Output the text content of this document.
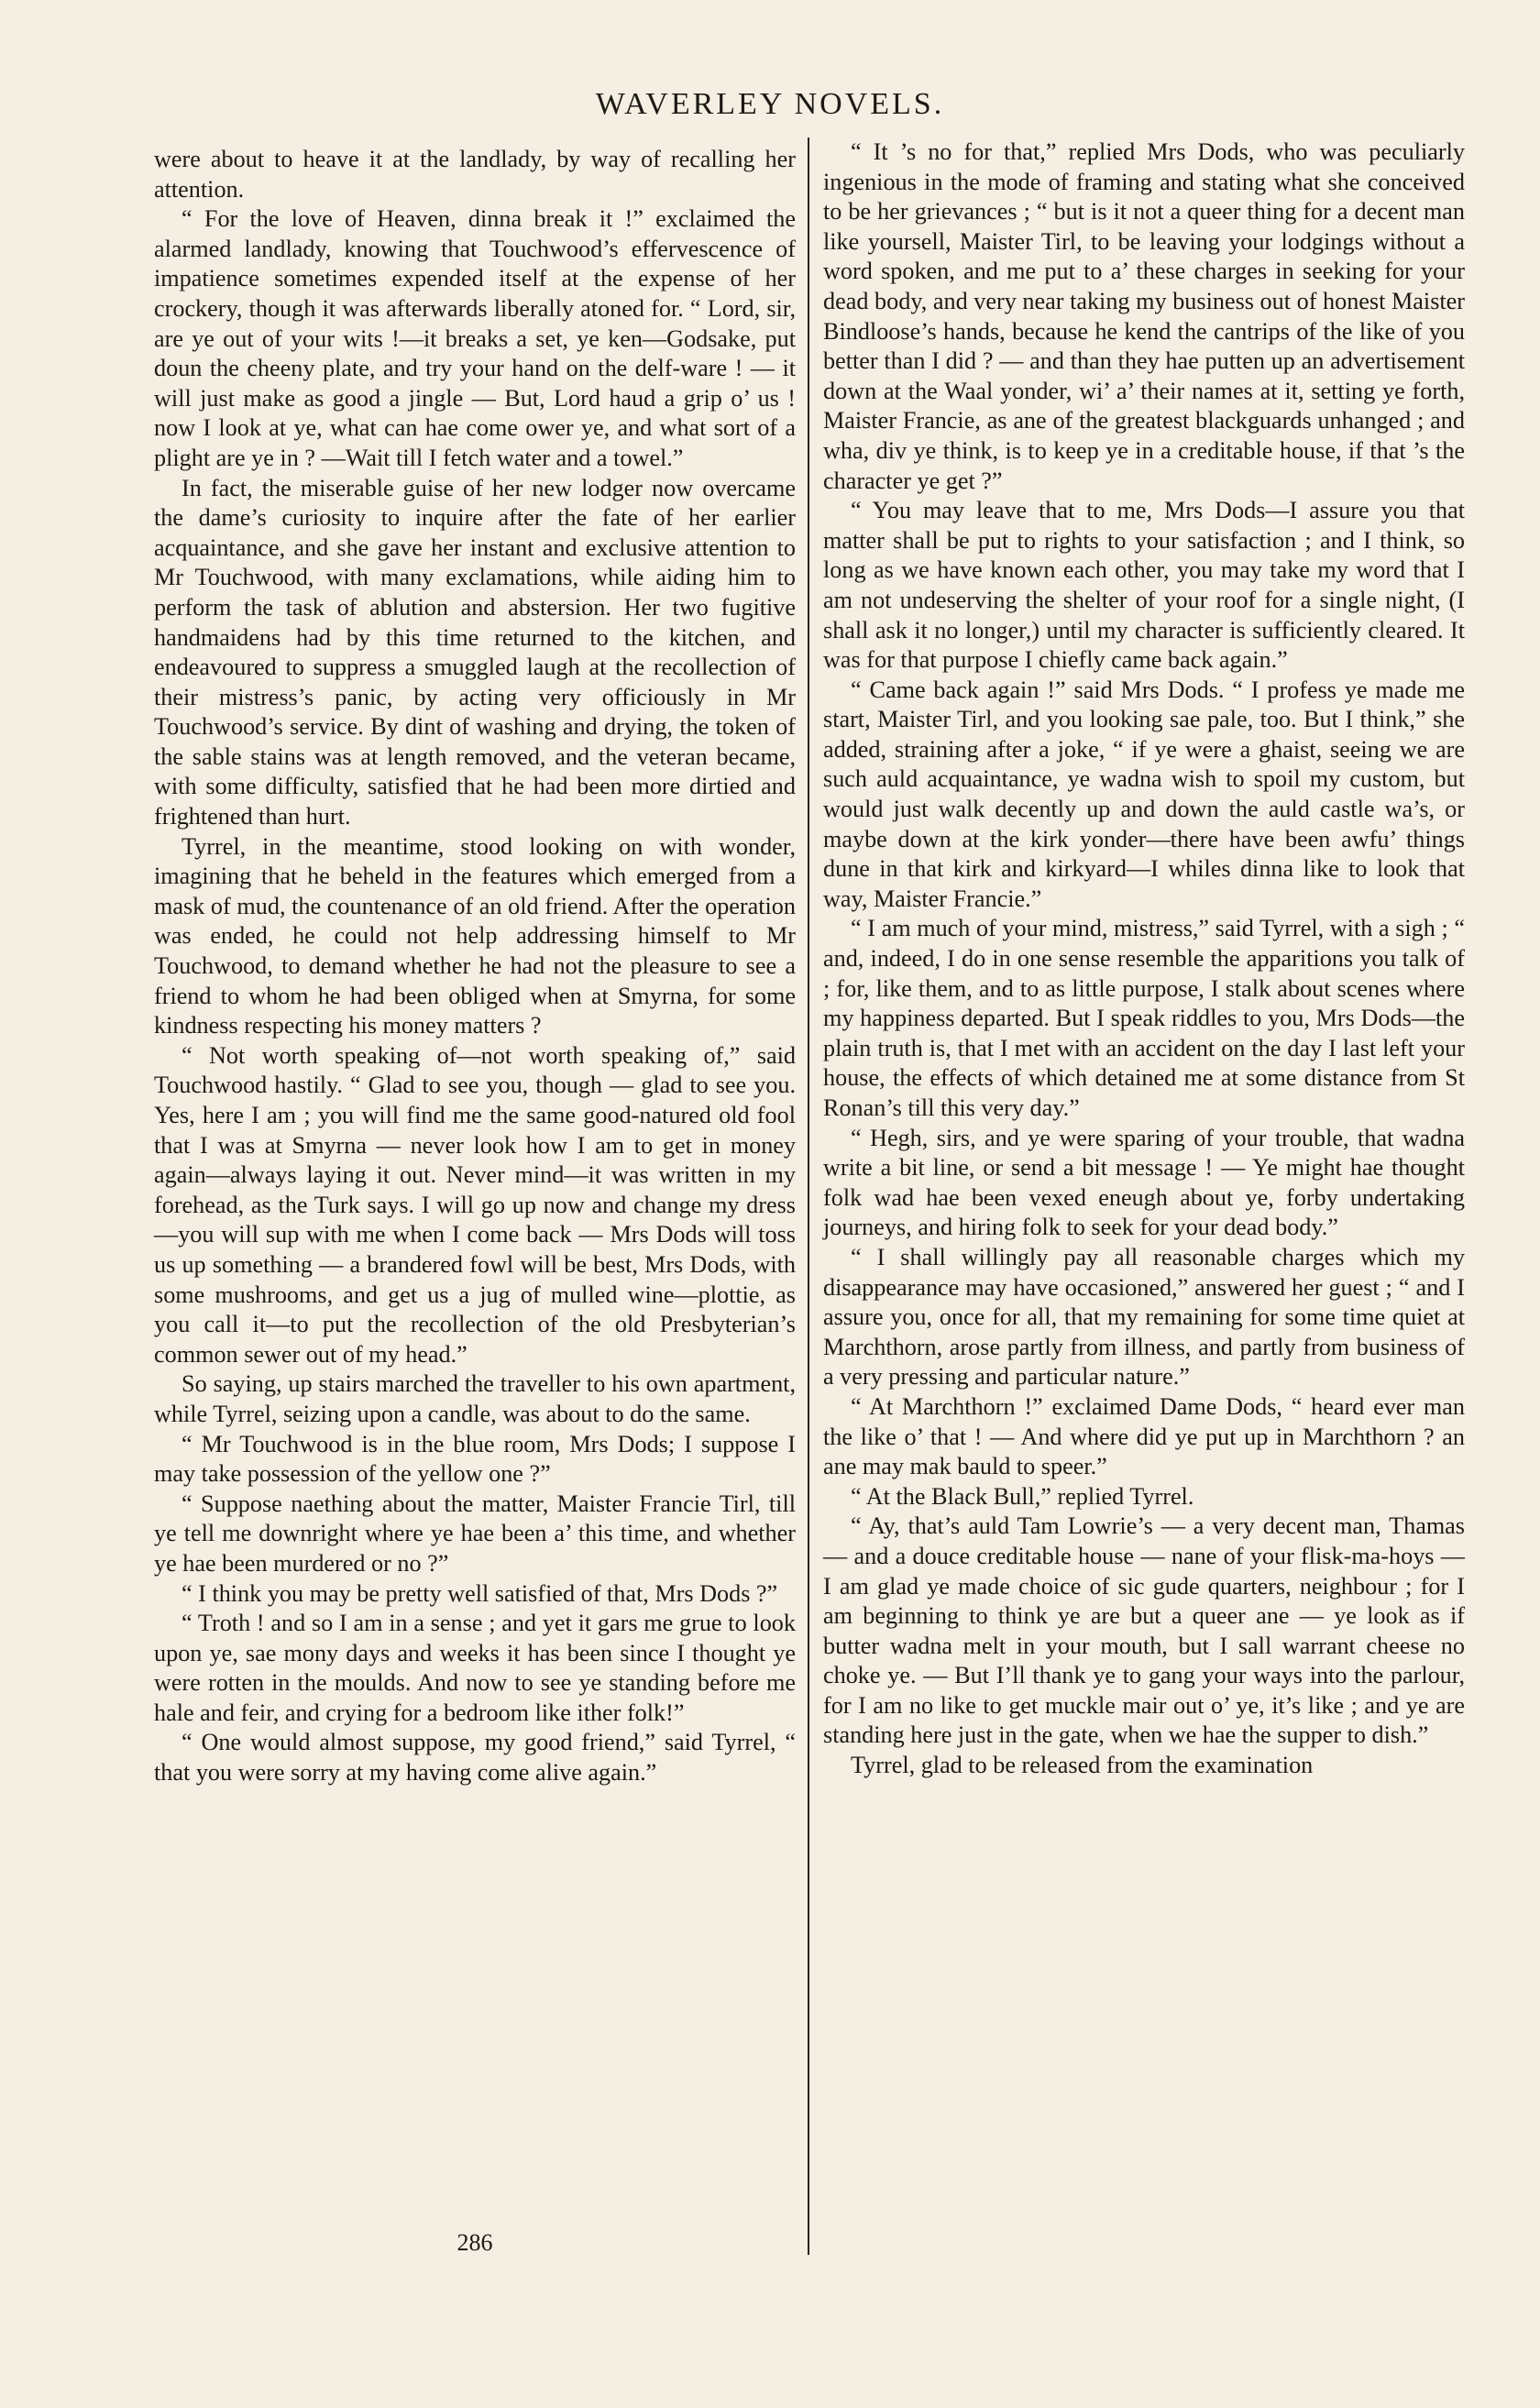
WAVERLEY NOVELS.

were about to heave it at the landlady, by way of recalling her attention.

“ For the love of Heaven, dinna break it !” exclaimed the alarmed landlady, knowing that Touchwood’s effervescence of impatience sometimes expended itself at the expense of her crockery, though it was afterwards liberally atoned for. “ Lord, sir, are ye out of your wits !—it breaks a set, ye ken—Godsake, put doun the cheeny plate, and try your hand on the delf-ware ! — it will just make as good a jingle — But, Lord haud a grip o’ us ! now I look at ye, what can hae come ower ye, and what sort of a plight are ye in ? —Wait till I fetch water and a towel.”

In fact, the miserable guise of her new lodger now overcame the dame’s curiosity to inquire after the fate of her earlier acquaintance, and she gave her instant and exclusive attention to Mr Touchwood, with many exclamations, while aiding him to perform the task of ablution and abstersion. Her two fugitive handmaidens had by this time returned to the kitchen, and endeavoured to suppress a smuggled laugh at the recollection of their mistress’s panic, by acting very officiously in Mr Touchwood’s service. By dint of washing and drying, the token of the sable stains was at length removed, and the veteran became, with some difficulty, satisfied that he had been more dirtied and frightened than hurt.

Tyrrel, in the meantime, stood looking on with wonder, imagining that he beheld in the features which emerged from a mask of mud, the countenance of an old friend. After the operation was ended, he could not help addressing himself to Mr Touchwood, to demand whether he had not the pleasure to see a friend to whom he had been obliged when at Smyrna, for some kindness respecting his money matters ?

“ Not worth speaking of—not worth speaking of,” said Touchwood hastily. “ Glad to see you, though — glad to see you. Yes, here I am ; you will find me the same good-natured old fool that I was at Smyrna — never look how I am to get in money again—always laying it out. Never mind—it was written in my forehead, as the Turk says. I will go up now and change my dress—you will sup with me when I come back — Mrs Dods will toss us up something — a brandered fowl will be best, Mrs Dods, with some mushrooms, and get us a jug of mulled wine—plottie, as you call it—to put the recollection of the old Presbyterian’s common sewer out of my head.”

So saying, up stairs marched the traveller to his own apartment, while Tyrrel, seizing upon a candle, was about to do the same.

“ Mr Touchwood is in the blue room, Mrs Dods; I suppose I may take possession of the yellow one ?”

“ Suppose naething about the matter, Maister Francie Tirl, till ye tell me downright where ye hae been a’ this time, and whether ye hae been murdered or no ?”

“ I think you may be pretty well satisfied of that, Mrs Dods ?”

“ Troth ! and so I am in a sense ; and yet it gars me grue to look upon ye, sae mony days and weeks it has been since I thought ye were rotten in the moulds. And now to see ye standing before me hale and feir, and crying for a bedroom like ither folk!”

“ One would almost suppose, my good friend,” said Tyrrel, “ that you were sorry at my having come alive again.”

“ It ’s no for that,” replied Mrs Dods, who was peculiarly ingenious in the mode of framing and stating what she conceived to be her grievances ; “ but is it not a queer thing for a decent man like yoursell, Maister Tirl, to be leaving your lodgings without a word spoken, and me put to a’ these charges in seeking for your dead body, and very near taking my business out of honest Maister Bindloose’s hands, because he kend the cantrips of the like of you better than I did ? — and than they hae putten up an advertisement down at the Waal yonder, wi’ a’ their names at it, setting ye forth, Maister Francie, as ane of the greatest blackguards unhanged ; and wha, div ye think, is to keep ye in a creditable house, if that ’s the character ye get ?”

“ You may leave that to me, Mrs Dods—I assure you that matter shall be put to rights to your satisfaction ; and I think, so long as we have known each other, you may take my word that I am not undeserving the shelter of your roof for a single night, (I shall ask it no longer,) until my character is sufficiently cleared. It was for that purpose I chiefly came back again.”

“ Came back again !” said Mrs Dods. “ I profess ye made me start, Maister Tirl, and you looking sae pale, too. But I think,” she added, straining after a joke, “ if ye were a ghaist, seeing we are such auld acquaintance, ye wadna wish to spoil my custom, but would just walk decently up and down the auld castle wa’s, or maybe down at the kirk yonder—there have been awfu’ things dune in that kirk and kirkyard—I whiles dinna like to look that way, Maister Francie.”

“ I am much of your mind, mistress,” said Tyrrel, with a sigh ; “ and, indeed, I do in one sense resemble the apparitions you talk of ; for, like them, and to as little purpose, I stalk about scenes where my happiness departed. But I speak riddles to you, Mrs Dods—the plain truth is, that I met with an accident on the day I last left your house, the effects of which detained me at some distance from St Ronan’s till this very day.”

“ Hegh, sirs, and ye were sparing of your trouble, that wadna write a bit line, or send a bit message ! — Ye might hae thought folk wad hae been vexed eneugh about ye, forby undertaking journeys, and hiring folk to seek for your dead body.”

“ I shall willingly pay all reasonable charges which my disappearance may have occasioned,” answered her guest ; “ and I assure you, once for all, that my remaining for some time quiet at Marchthorn, arose partly from illness, and partly from business of a very pressing and particular nature.”

“ At Marchthorn !” exclaimed Dame Dods, “ heard ever man the like o’ that ! — And where did ye put up in Marchthorn ? an ane may mak bauld to speer.”

“ At the Black Bull,” replied Tyrrel.

“ Ay, that’s auld Tam Lowrie’s — a very decent man, Thamas — and a douce creditable house — nane of your flisk-ma-hoys — I am glad ye made choice of sic gude quarters, neighbour ; for I am beginning to think ye are but a queer ane — ye look as if butter wadna melt in your mouth, but I sall warrant cheese no choke ye. — But I’ll thank ye to gang your ways into the parlour, for I am no like to get muckle mair out o’ ye, it’s like ; and ye are standing here just in the gate, when we hae the supper to dish.”

Tyrrel, glad to be released from the examination

286
